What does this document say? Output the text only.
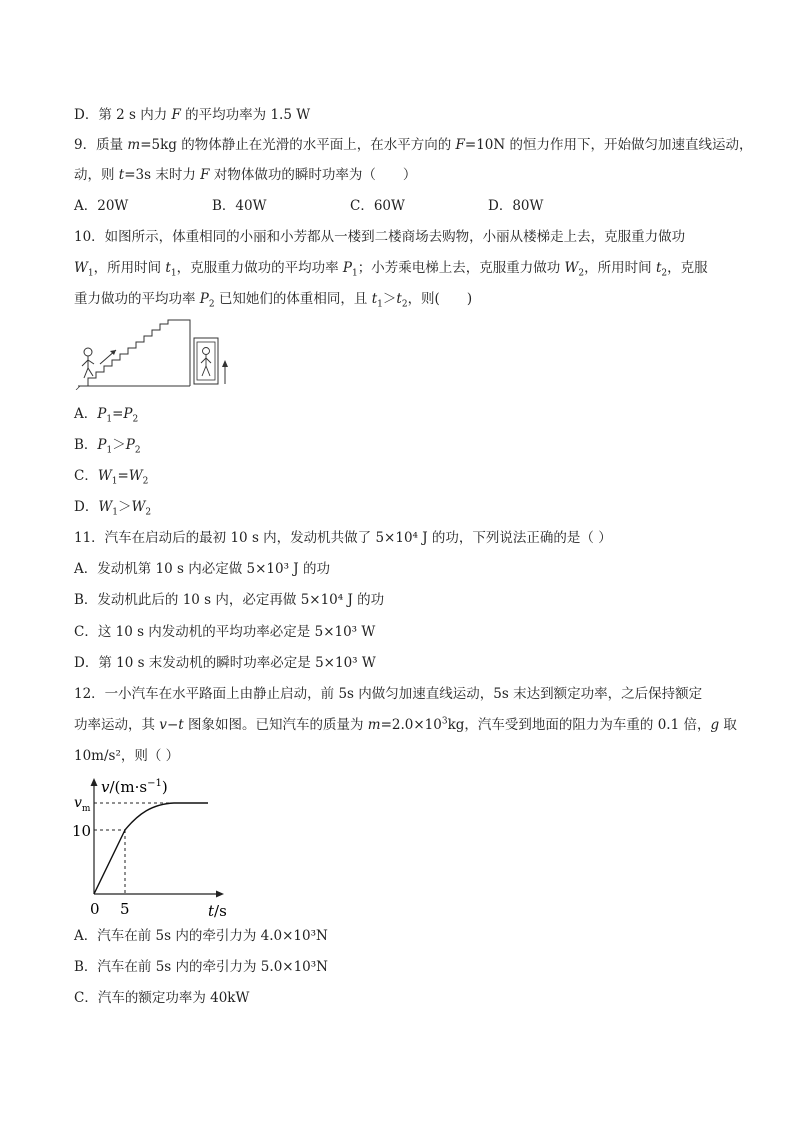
D．第 2 s 内力 F 的平均功率为 1.5 W
9．质量 m=5kg 的物体静止在光滑的水平面上，在水平方向的 F=10N 的恒力作用下，开始做匀加速直线运动，
动，则 t=3s 末时力 F 对物体做功的瞬时功率为（　　）
A．20W	B．40W	C．60W	D．80W
10．如图所示，体重相同的小丽和小芳都从一楼到二楼商场去购物，小丽从楼梯走上去，克服重力做功
$W_1$，所用时间 $t_1$，克服重力做功的平均功率 $P_1$；小芳乘电梯上去，克服重力做功 $W_2$，所用时间 $t_2$，克服
重力做功的平均功率 $P_2$ 已知她们的体重相同，且 $t_1>t_2$，则(　　)
A．$P_1=P_2$
B．$P_1>P_2$
C．$W_1=W_2$
D．$W_1>W_2$
11．汽车在启动后的最初 10 s 内，发动机共做了 5×10⁴ J 的功，下列说法正确的是（ ）
A．发动机第 10 s 内必定做 5×10³ J 的功
B．发动机此后的 10 s 内，必定再做 5×10⁴ J 的功
C．这 10 s 内发动机的平均功率必定是 5×10³ W
D．第 10 s 末发动机的瞬时功率必定是 5×10³ W
12．一小汽车在水平路面上由静止启动，前 5s 内做匀加速直线运动，5s 末达到额定功率，之后保持额定
功率运动，其 v−t 图象如图。已知汽车的质量为 $m=2.0\times 10^3kg$，汽车受到地面的阻力为车重的 0.1 倍，g 取
10m/s²，则（ ）
$v/(m\cdot s^{-1})$
$v_m$
10
0 5	t/s
A．汽车在前 5s 内的牵引力为 4.0×10³N
B．汽车在前 5s 内的牵引力为 5.0×10³N
C．汽车的额定功率为 40kW
